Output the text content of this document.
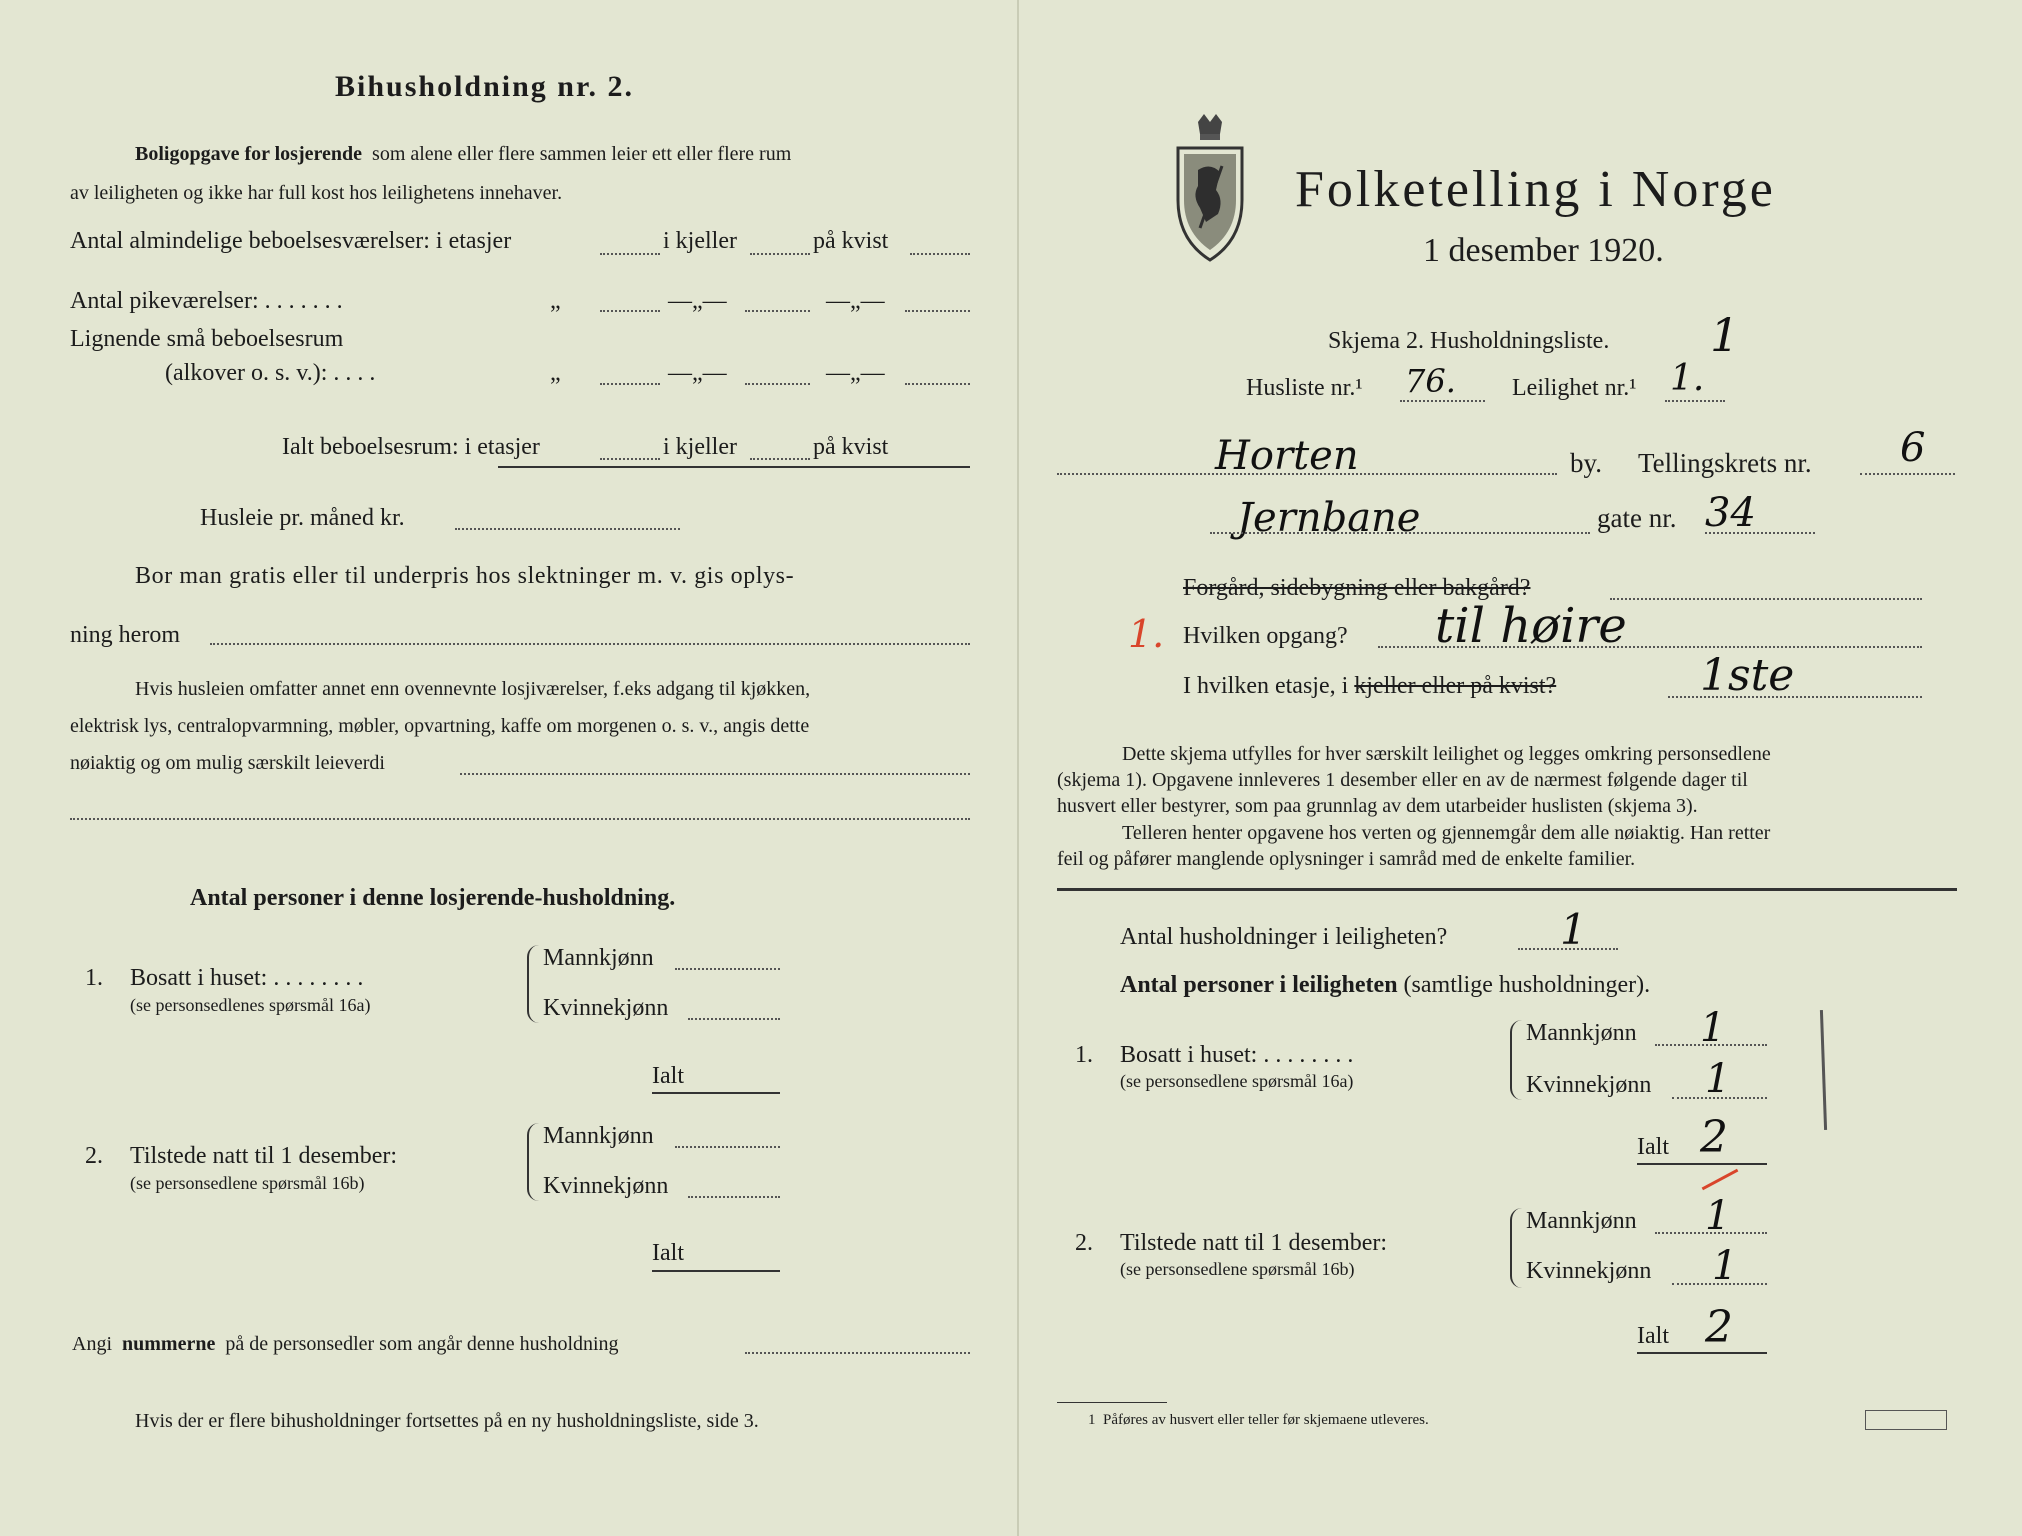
Bihusholdning nr. 2.
Boligopgave for losjerende som alene eller flere sammen leier ett eller flere rum
av leiligheten og ikke har full kost hos leilighetens innehaver.
Antal almindelige beboelsesværelser: i etasjer	i kjeller	på kvist
Antal pikeværelser: . . . . . . .	„	—„—	—„—
Lignende små beboelsesrum
(alkover o. s. v.): . . . .	„	—„—	—„—
Ialt beboelsesrum: i etasjer	i kjeller	på kvist
Husleie pr. måned kr.
Bor man gratis eller til underpris hos slektninger m. v. gis oplys-
ning herom
Hvis husleien omfatter annet enn ovennevnte losjiværelser, f.eks adgang til kjøkken,
elektrisk lys, centralopvarmning, møbler, opvartning, kaffe om morgenen o. s. v., angis dette
nøiaktig og om mulig særskilt leieverdi
Antal personer i denne losjerende-husholdning.
1. Bosatt i huset: . . . . . . . .
(se personsedlenes spørsmål 16a)
Mannkjønn
Kvinnekjønn
Ialt
2. Tilstede natt til 1 desember:
(se personsedlene spørsmål 16b)
Mannkjønn
Kvinnekjønn
Ialt
Angi nummerne på de personsedler som angår denne husholdning
Hvis der er flere bihusholdninger fortsettes på en ny husholdningsliste, side 3.
Folketelling i Norge
1 desember 1920.
Skjema 2. Husholdningsliste. 1
Husliste nr.¹ 76. Leilighet nr.¹ 1.
Horten	by. Tellingskrets nr. 6
Jernbane	gate nr. 34
Forgård, sidebygning eller bakgård?
1. Hvilken opgang? til høire
I hvilken etasje, i kjeller eller på kvist?	1ste
Dette skjema utfylles for hver særskilt leilighet og legges omkring personsedlene
(skjema 1). Opgavene innleveres 1 desember eller en av de nærmest følgende dager til
husvert eller bestyrer, som paa grunnlag av dem utarbeider huslisten (skjema 3).
Telleren henter opgavene hos verten og gjennemgår dem alle nøiaktig. Han retter
feil og påfører manglende oplysninger i samråd med de enkelte familier.
Antal husholdninger i leiligheten?	1
Antal personer i leiligheten (samtlige husholdninger).
1. Bosatt i huset: . . . . . . . .
(se personsedlene spørsmål 16a)
Mannkjønn 1
Kvinnekjønn 1
Ialt 2
2. Tilstede natt til 1 desember:
(se personsedlene spørsmål 16b)
Mannkjønn 1
Kvinnekjønn 1
Ialt 2
1 Påføres av husvert eller teller før skjemaene utleveres.
